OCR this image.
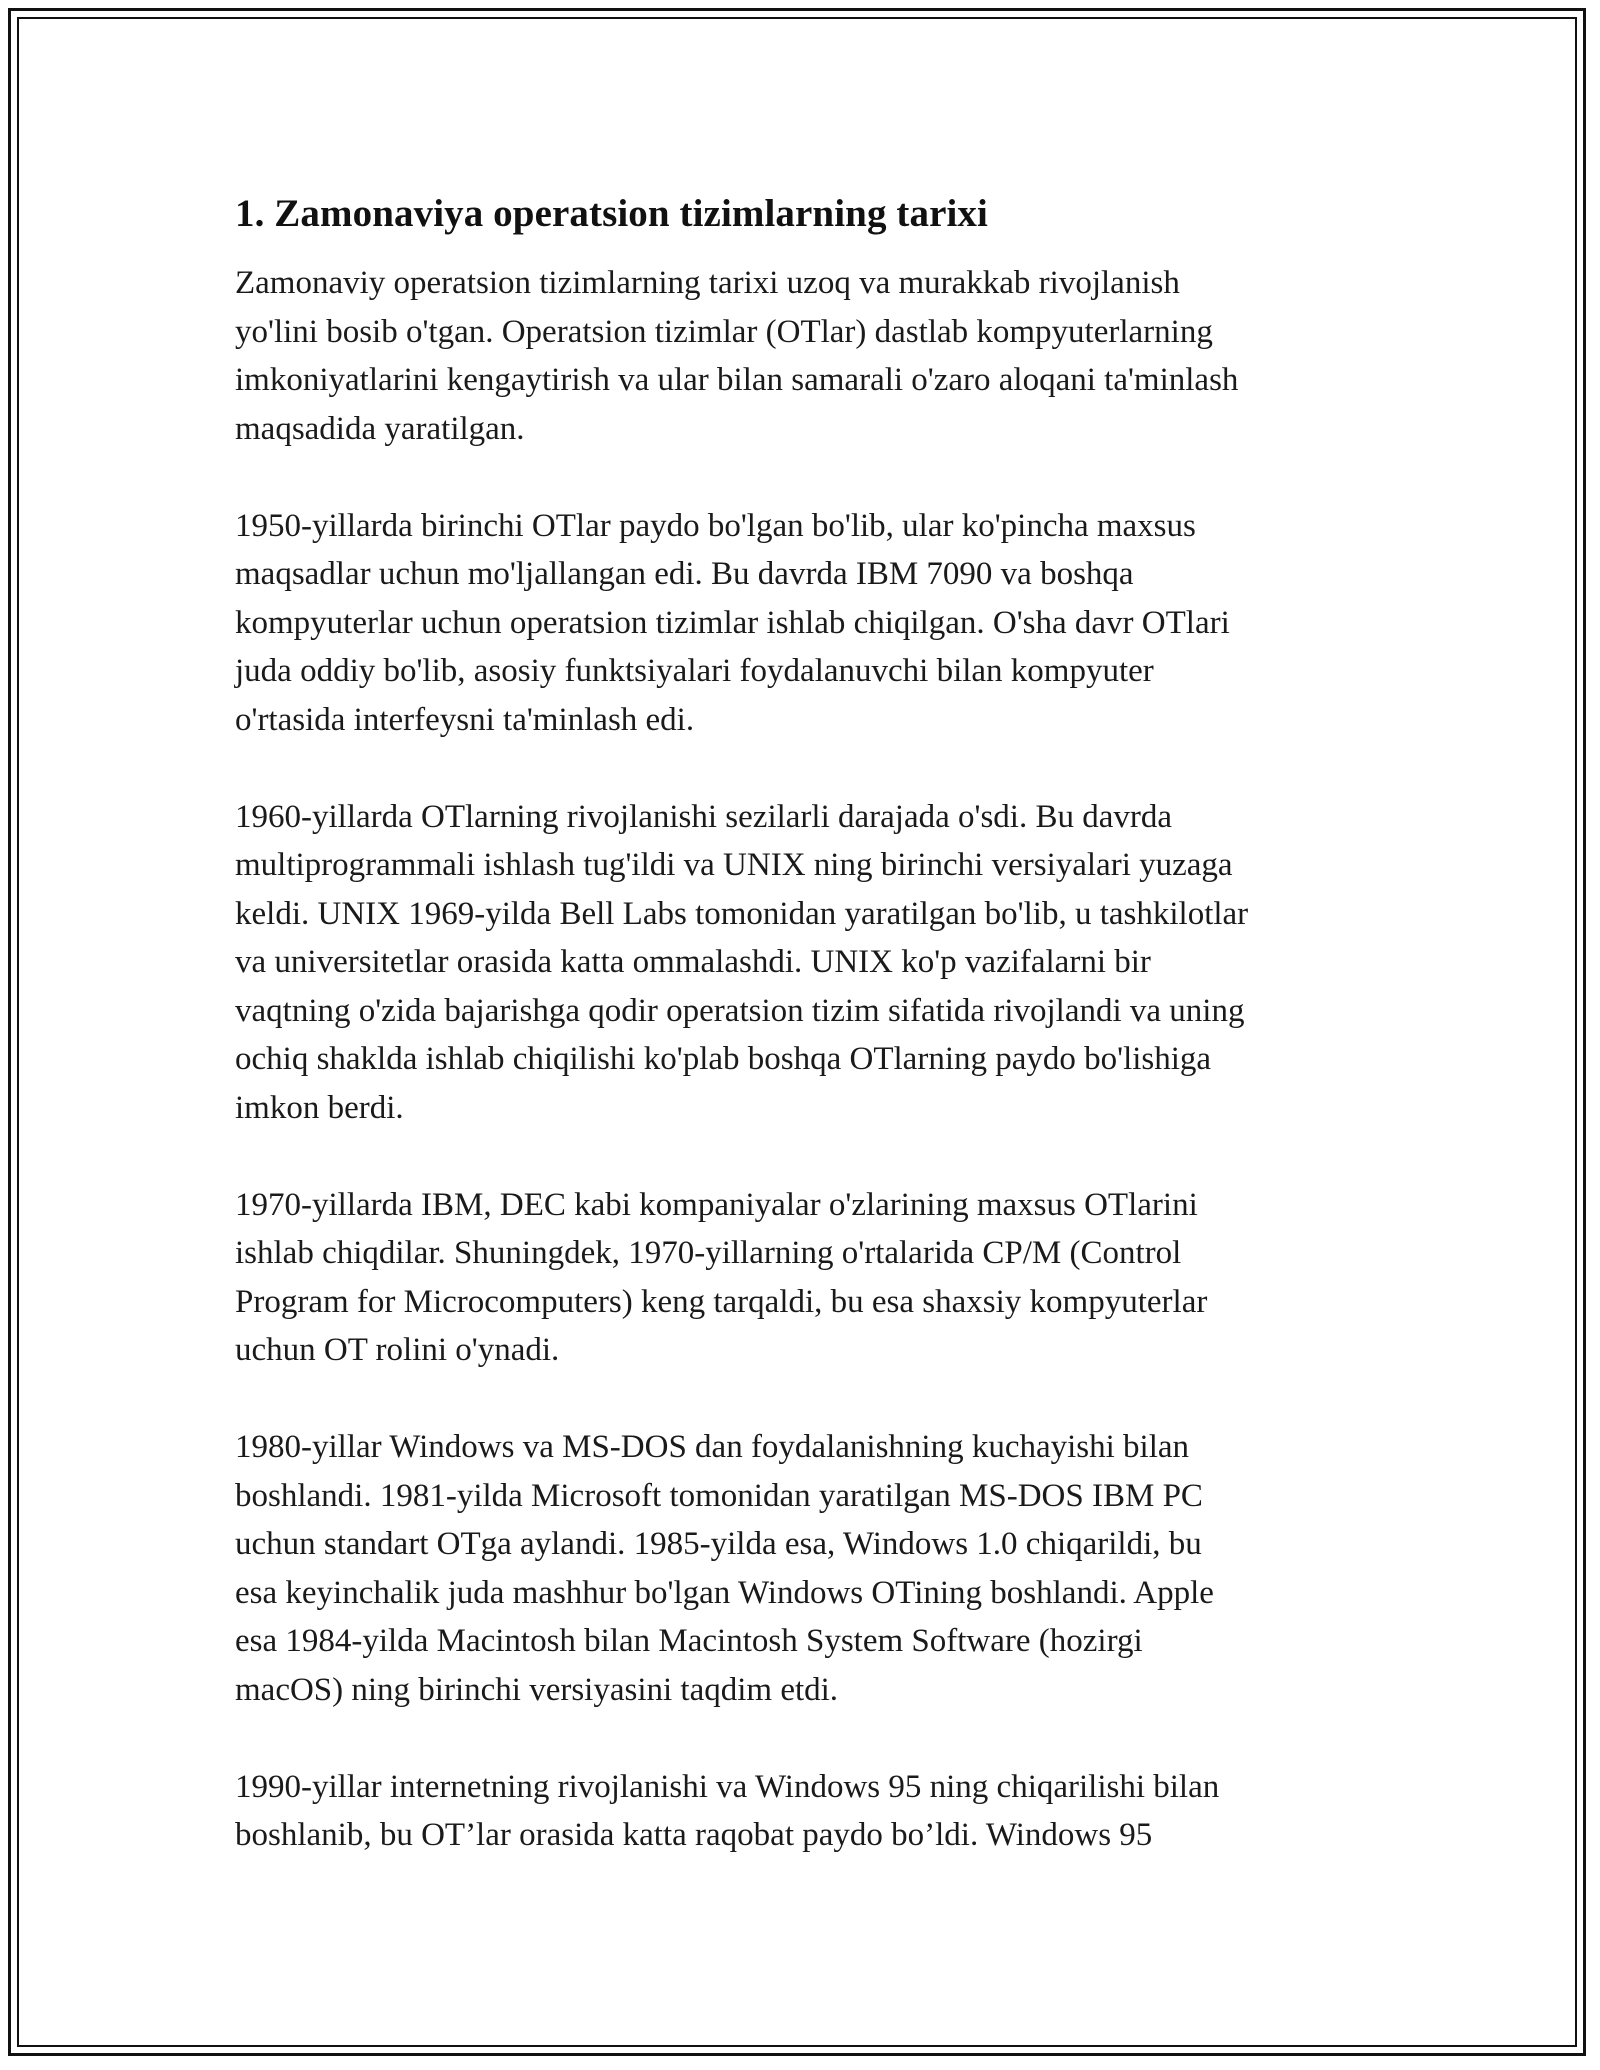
1. Zamonaviya operatsion tizimlarning tarixi

Zamonaviy operatsion tizimlarning tarixi uzoq va murakkab rivojlanish
yo'lini bosib o'tgan. Operatsion tizimlar (OTlar) dastlab kompyuterlarning
imkoniyatlarini kengaytirish va ular bilan samarali o'zaro aloqani ta'minlash
maqsadida yaratilgan.

1950-yillarda birinchi OTlar paydo bo'lgan bo'lib, ular ko'pincha maxsus
maqsadlar uchun mo'ljallangan edi. Bu davrda IBM 7090 va boshqa
kompyuterlar uchun operatsion tizimlar ishlab chiqilgan. O'sha davr OTlari
juda oddiy bo'lib, asosiy funktsiyalari foydalanuvchi bilan kompyuter
o'rtasida interfeysni ta'minlash edi.

1960-yillarda OTlarning rivojlanishi sezilarli darajada o'sdi. Bu davrda
multiprogrammali ishlash tug'ildi va UNIX ning birinchi versiyalari yuzaga
keldi. UNIX 1969-yilda Bell Labs tomonidan yaratilgan bo'lib, u tashkilotlar
va universitetlar orasida katta ommalashdi. UNIX ko'p vazifalarni bir
vaqtning o'zida bajarishga qodir operatsion tizim sifatida rivojlandi va uning
ochiq shaklda ishlab chiqilishi ko'plab boshqa OTlarning paydo bo'lishiga
imkon berdi.

1970-yillarda IBM, DEC kabi kompaniyalar o'zlarining maxsus OTlarini
ishlab chiqdilar. Shuningdek, 1970-yillarning o'rtalarida CP/M (Control
Program for Microcomputers) keng tarqaldi, bu esa shaxsiy kompyuterlar
uchun OT rolini o'ynadi.

1980-yillar Windows va MS-DOS dan foydalanishning kuchayishi bilan
boshlandi. 1981-yilda Microsoft tomonidan yaratilgan MS-DOS IBM PC
uchun standart OTga aylandi. 1985-yilda esa, Windows 1.0 chiqarildi, bu
esa keyinchalik juda mashhur bo'lgan Windows OTining boshlandi. Apple
esa 1984-yilda Macintosh bilan Macintosh System Software (hozirgi
macOS) ning birinchi versiyasini taqdim etdi.

1990-yillar internetning rivojlanishi va Windows 95 ning chiqarilishi bilan
boshlanib, bu OT’lar orasida katta raqobat paydo bo’ldi. Windows 95
